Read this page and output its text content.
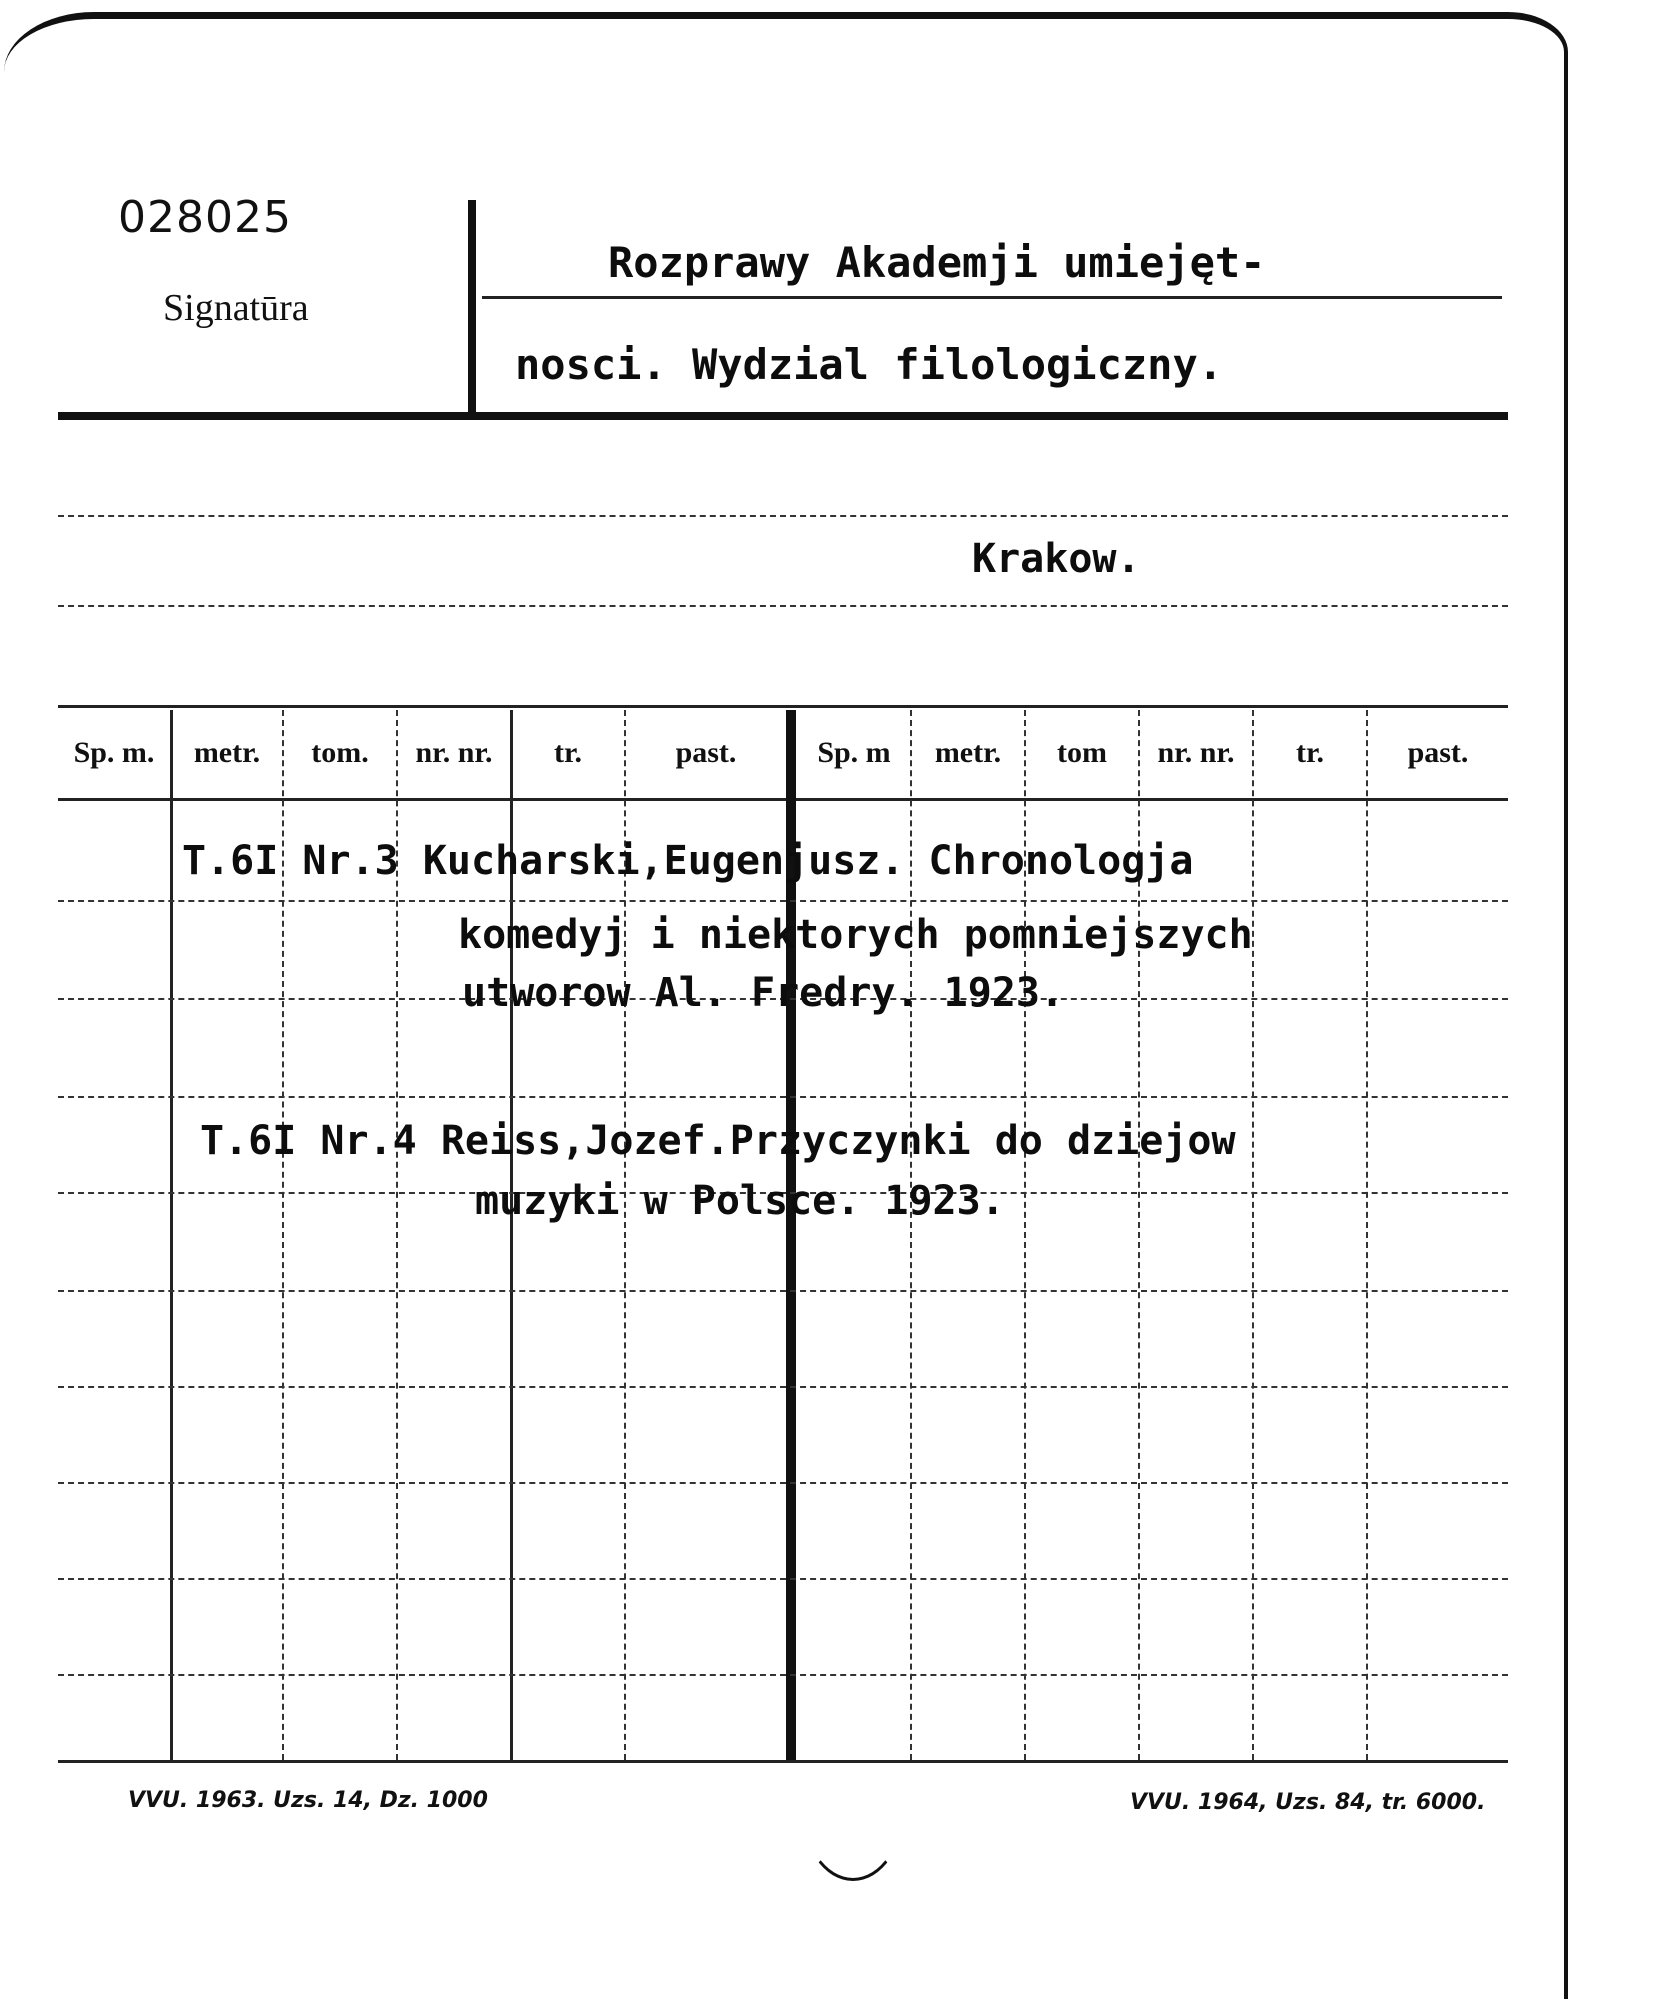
028025
Signatūra
Rozprawy Akademji umiejęt-
nosci. Wydzial filologiczny.
Krakow.
Sp. m.	metr.	tom.	nr. nr.	tr.	past.	Sp. m	metr.	tom	nr. nr.	tr.	past.
T.6I Nr.3 Kucharski,Eugenjusz. Chronologja
komedyj i niektorych pomniejszych
utworow Al. Fredry. 1923.
T.6I Nr.4 Reiss,Jozef.Przyczynki do dziejow
muzyki w Polsce. 1923.
VVU. 1963. Uzs. 14, Dz. 1000	VVU. 1964, Uzs. 84, tr. 6000.
